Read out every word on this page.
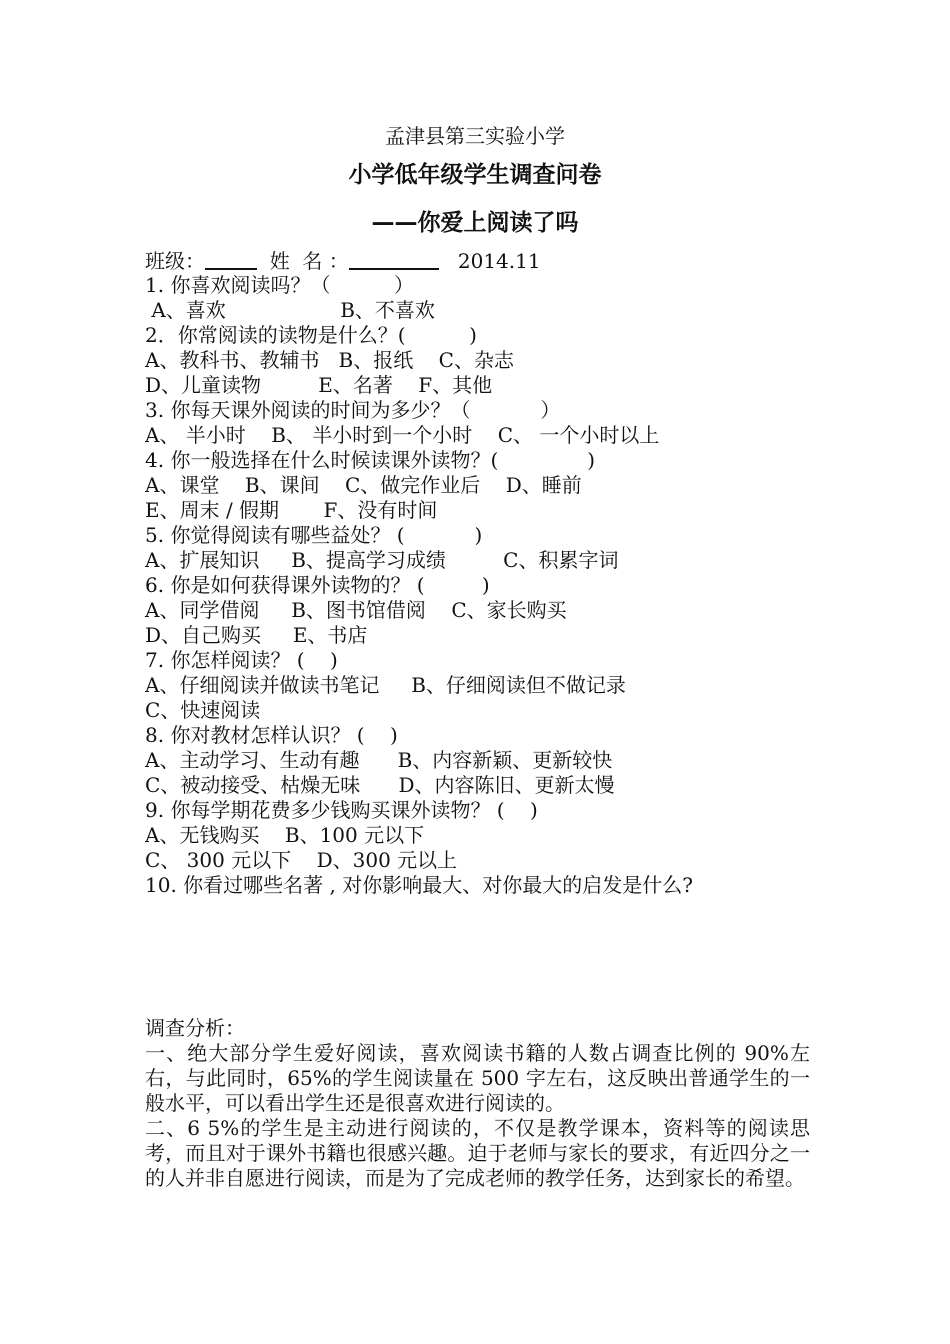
孟津县第三实验小学
小学低年级学生调查问卷
——你爱上阅读了吗
班级：	姓  名 ：	2014.11
1. 你喜欢阅读吗？（          ）
A、喜欢                  B、不喜欢
2．你常阅读的读物是什么？(          )
A、教科书、教辅书   B、报纸    C、杂志
D、儿童读物         E、名著    F、其他
3. 你每天课外阅读的时间为多少？（           ）
A、 半小时    B、 半小时到一个小时    C、 一个小时以上
4. 你一般选择在什么时候读课外读物？(              )
A、课堂    B、课间    C、做完作业后    D、睡前
E、周末 / 假期       F、没有时间
5. 你觉得阅读有哪些益处？ (           )
A、扩展知识     B、提高学习成绩         C、积累字词
6. 你是如何获得课外读物的？ (         )
A、同学借阅     B、图书馆借阅    C、家长购买
D、自己购买     E、书店
7. 你怎样阅读？ (    )
A、仔细阅读并做读书笔记     B、仔细阅读但不做记录
C、快速阅读
8. 你对教材怎样认识？ (    )
A、主动学习、生动有趣      B、内容新颖、更新较快
C、被动接受、枯燥无味      D、内容陈旧、更新太慢
9. 你每学期花费多少钱购买课外读物？ (    )
A、无钱购买    B、100 元以下
C、 300 元以下    D、300 元以上
10. 你看过哪些名著 , 对你影响最大、对你最大的启发是什么?
调查分析：
一、绝大部分学生爱好阅读，喜欢阅读书籍的人数占调查比例的 90%左右，与此同时，65%的学生阅读量在 500 字左右，这反映出普通学生的一般水平，可以看出学生还是很喜欢进行阅读的。
二、6 5%的学生是主动进行阅读的，不仅是教学课本，资料等的阅读思考，而且对于课外书籍也很感兴趣。迫于老师与家长的要求，有近四分之一的人并非自愿进行阅读，而是为了完成老师的教学任务，达到家长的希望。
